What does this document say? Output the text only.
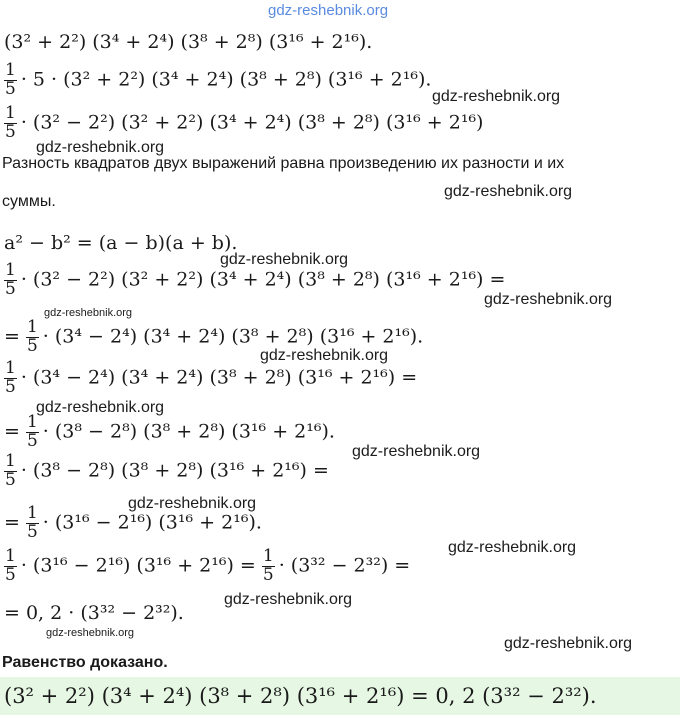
gdz-reshebnik.org
(3² + 2²) (3⁴ + 2⁴) (3⁸ + 2⁸) (3¹⁶ + 2¹⁶).
$\frac{1}{5} \cdot 5 \cdot (3^2 + 2^2) (3^4 + 2^4) (3^8 + 2^8) (3^{16} + 2^{16})$.
gdz-reshebnik.org
$\frac{1}{5} \cdot (3^2 - 2^2) (3^2 + 2^2) (3^4 + 2^4) (3^8 + 2^8) (3^{16} + 2^{16})$
gdz-reshebnik.org
Разность квадратов двух выражений равна произведению их разности и их
gdz-reshebnik.org
суммы.
a² − b² = (a − b)(a + b).
gdz-reshebnik.org
$\frac{1}{5} \cdot (3^2 - 2^2) (3^2 + 2^2) (3^4 + 2^4) (3^8 + 2^8) (3^{16} + 2^{16})$ =
gdz-reshebnik.org
gdz-reshebnik.org
= $\frac{1}{5} \cdot (3^4 - 2^4) (3^4 + 2^4) (3^8 + 2^8) (3^{16} + 2^{16})$.
gdz-reshebnik.org
$\frac{1}{5} \cdot (3^4 - 2^4) (3^4 + 2^4) (3^8 + 2^8) (3^{16} + 2^{16})$ =
gdz-reshebnik.org
= $\frac{1}{5} \cdot (3^8 - 2^8) (3^8 + 2^8) (3^{16} + 2^{16})$.
gdz-reshebnik.org
$\frac{1}{5} \cdot (3^8 - 2^8) (3^8 + 2^8) (3^{16} + 2^{16})$ =
gdz-reshebnik.org
= $\frac{1}{5} \cdot (3^{16} - 2^{16}) (3^{16} + 2^{16})$.
$\frac{1}{5} \cdot (3^{16} - 2^{16}) (3^{16} + 2^{16}) = \frac{1}{5} \cdot (3^{32} - 2^{32})$ =
gdz-reshebnik.org
gdz-reshebnik.org
= 0, 2 · (3³² − 2³²).
gdz-reshebnik.org
gdz-reshebnik.org
Равенство доказано.
(3² + 2²) (3⁴ + 2⁴) (3⁸ + 2⁸) (3¹⁶ + 2¹⁶) = 0, 2 (3³² − 2³²).
